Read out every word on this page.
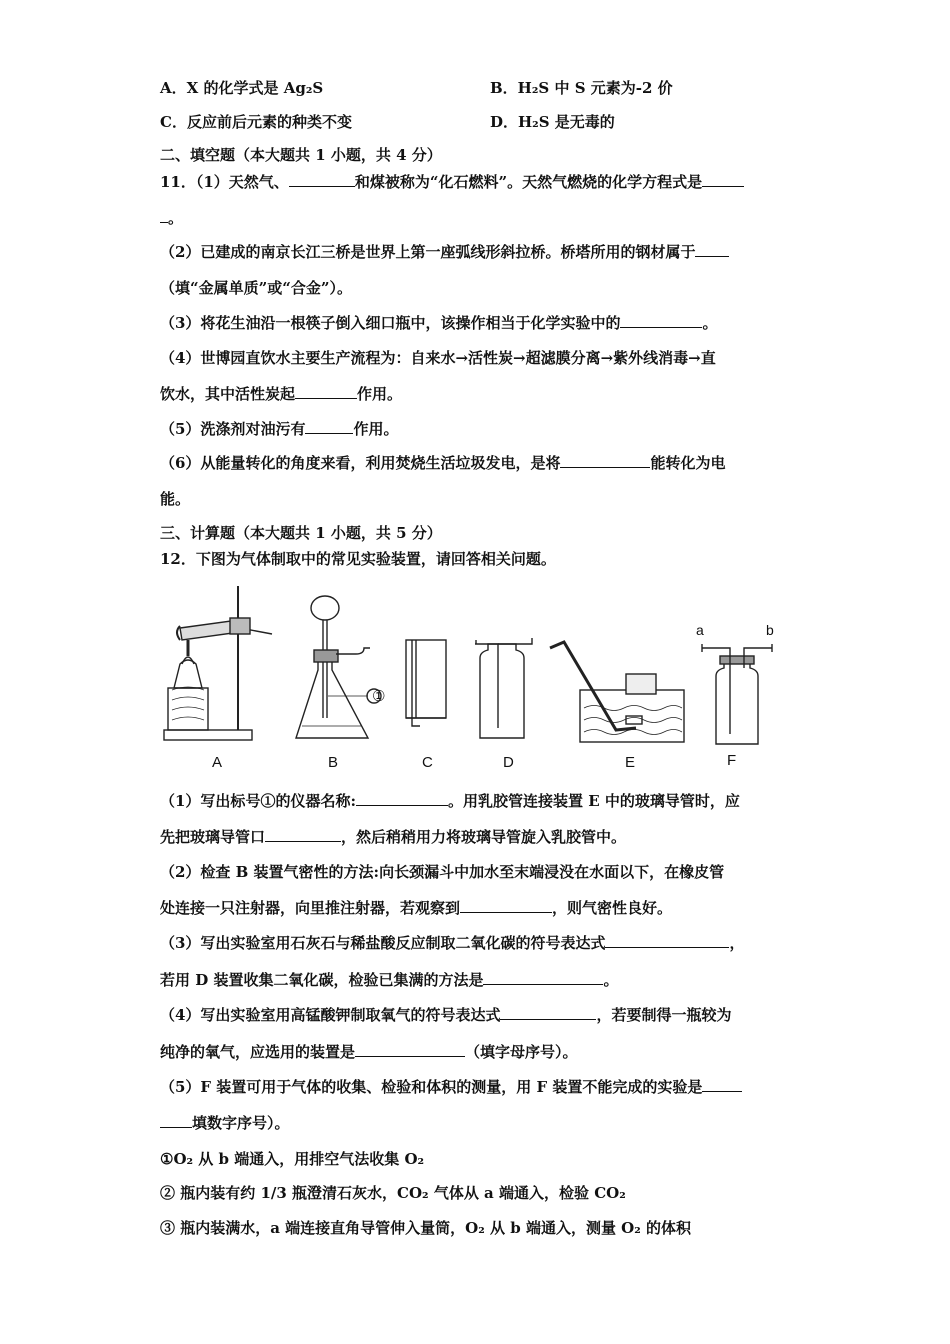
A．X 的化学式是 Ag₂S	B．H₂S 中 S 元素为-2 价
C．反应前后元素的种类不变	D．H₂S 是无毒的
二、填空题（本大题共 1 小题，共 4 分）
11．（1）天然气、	和煤被称为“化石燃料”。天然气燃烧的化学方程式是
。
（2）已建成的南京长江三桥是世界上第一座弧线形斜拉桥。桥塔所用的钢材属于
（填“金属单质”或“合金”）。
（3）将花生油沿一根筷子倒入细口瓶中，该操作相当于化学实验中的	。
（4）世博园直饮水主要生产流程为：自来水→活性炭→超滤膜分离→紫外线消毒→直
饮水，其中活性炭起	作用。
（5）洗涤剂对油污有	作用。
（6）从能量转化的角度来看，利用焚烧生活垃圾发电，是将	能转化为电
能。
三、计算题（本大题共 1 小题，共 5 分）
12．下图为气体制取中的常见实验装置，请回答相关问题。
①
a	b
A	B	C	D	E	F
（1）写出标号①的仪器名称:	。用乳胶管连接装置 E 中的玻璃导管时，应
先把玻璃导管口	，然后稍稍用力将玻璃导管旋入乳胶管中。
（2）检查 B 装置气密性的方法:向长颈漏斗中加水至末端浸没在水面以下，在橡皮管
处连接一只注射器，向里推注射器，若观察到	，则气密性良好。
（3）写出实验室用石灰石与稀盐酸反应制取二氧化碳的符号表达式	，
若用 D 装置收集二氧化碳，检验已集满的方法是	。
（4）写出实验室用高锰酸钾制取氧气的符号表达式	，若要制得一瓶较为
纯净的氧气，应选用的装置是	（填字母序号）。
（5）F 装置可用于气体的收集、检验和体积的测量，用 F 装置不能完成的实验是
填数字序号）。
①O₂ 从 b 端通入，用排空气法收集 O₂
② 瓶内装有约 1/3 瓶澄清石灰水，CO₂ 气体从 a 端通入，检验 CO₂
③ 瓶内装满水，a 端连接直角导管伸入量筒，O₂ 从 b 端通入，测量 O₂ 的体积
